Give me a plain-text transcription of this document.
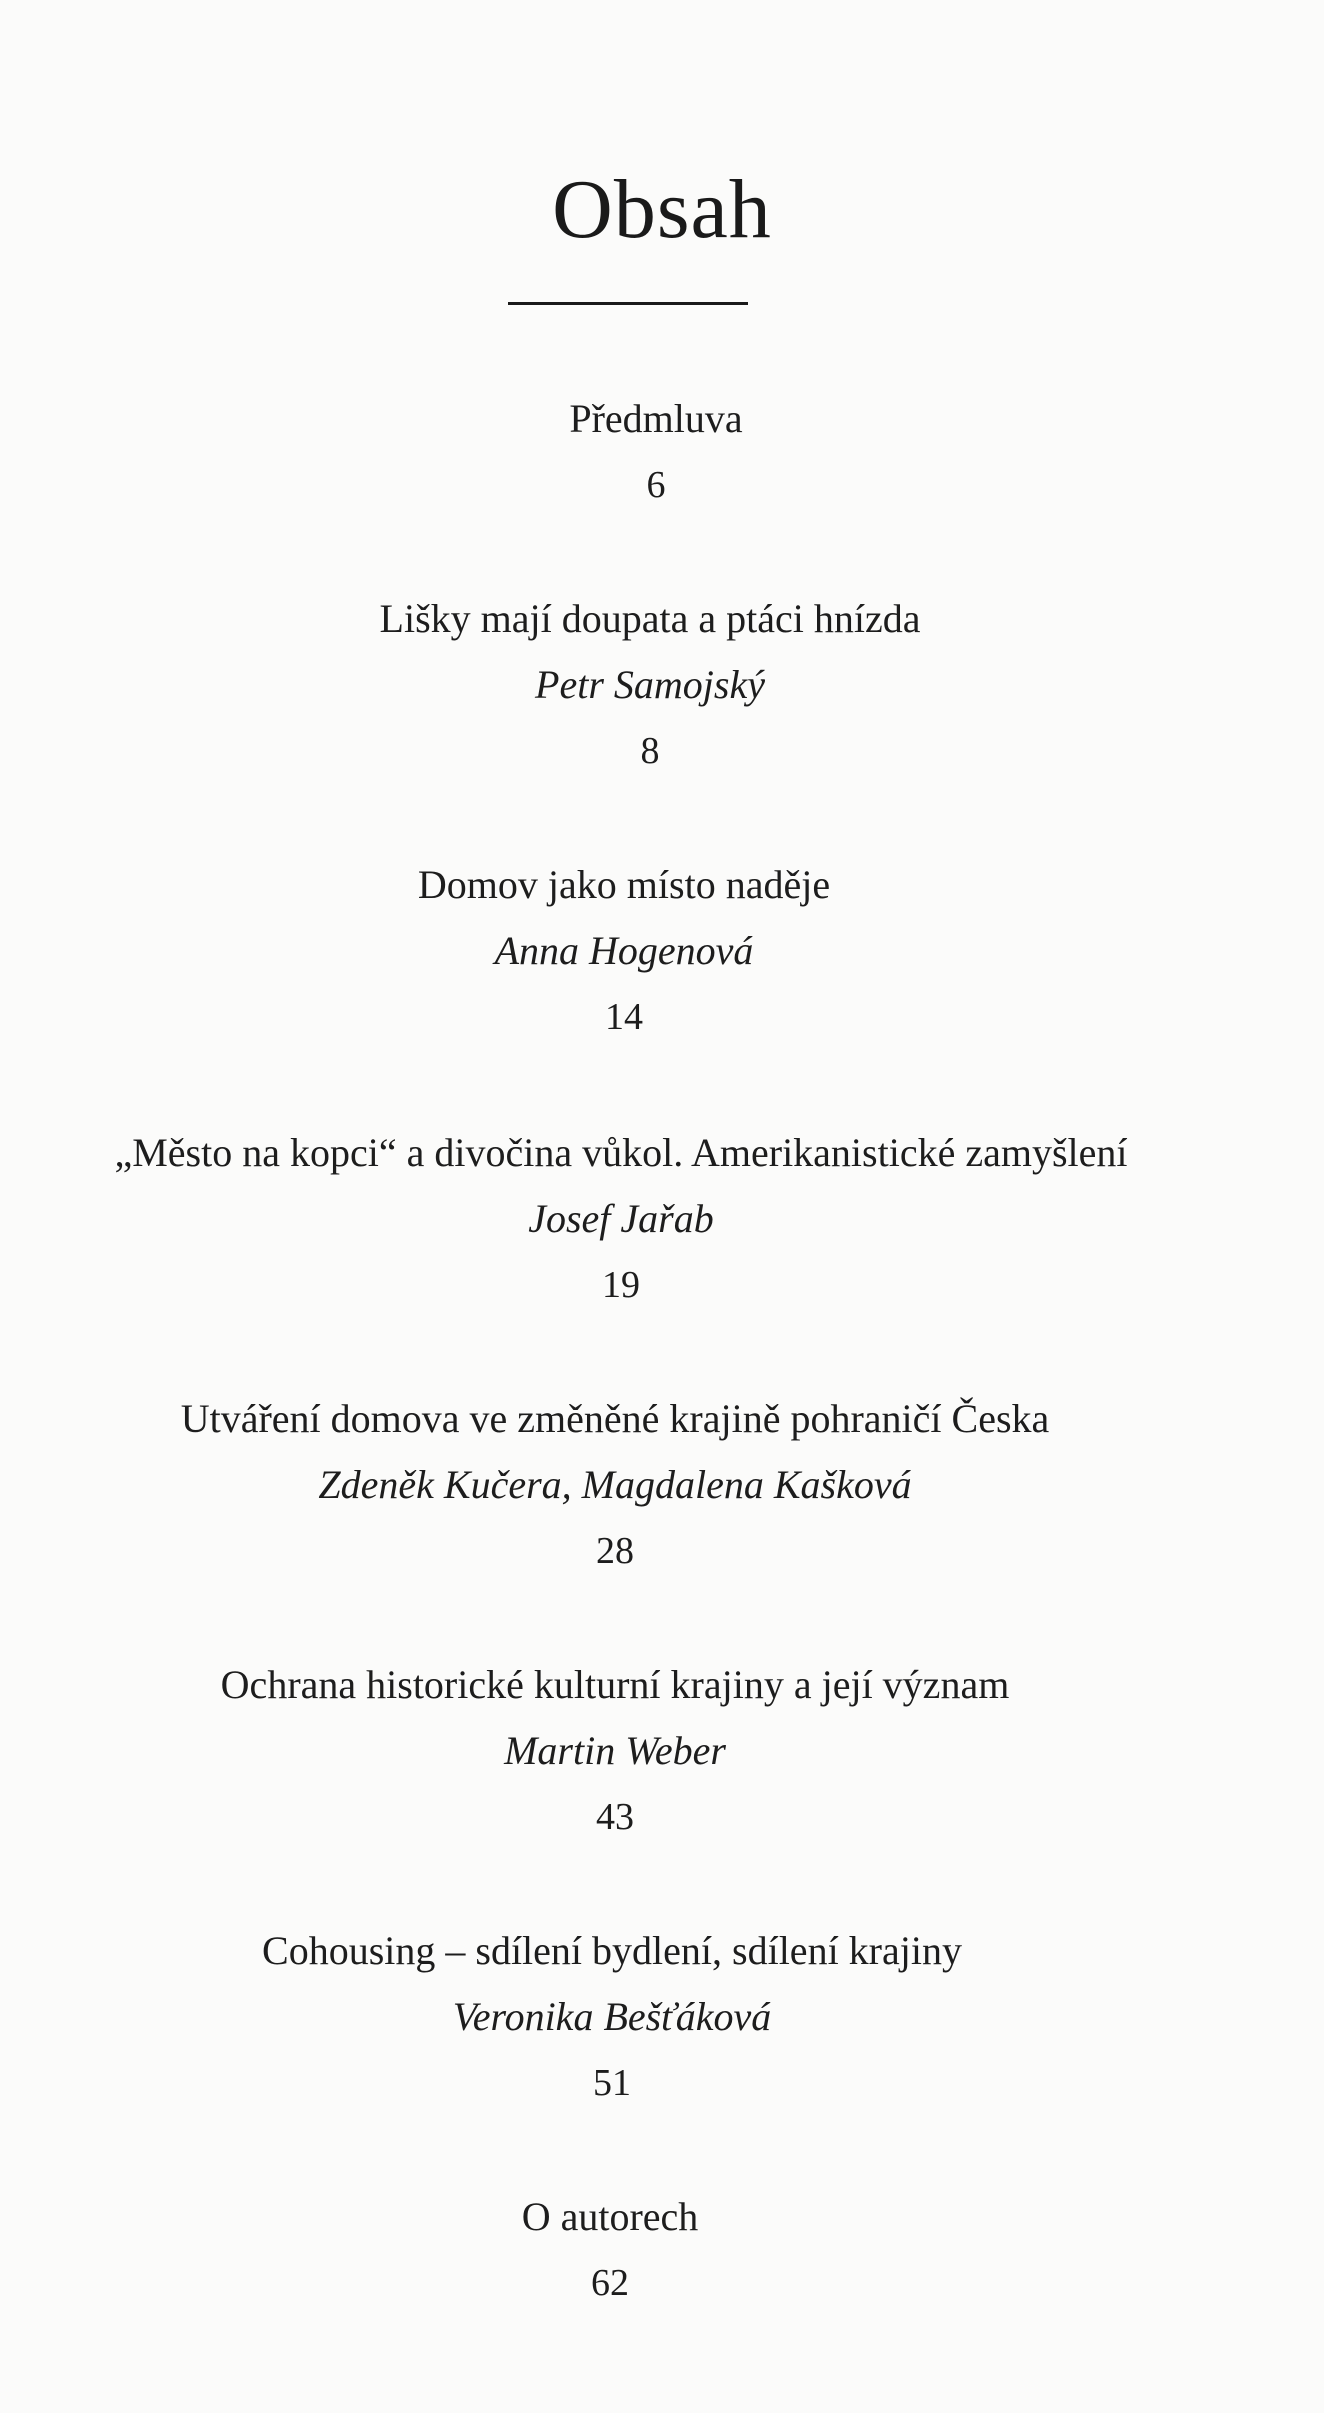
Obsah
Předmluva
6
Lišky mají doupata a ptáci hnízda
Petr Samojský
8
Domov jako místo naděje
Anna Hogenová
14
„Město na kopci“ a divočina vůkol. Amerikanistické zamyšlení
Josef Jařab
19
Utváření domova ve změněné krajině pohraničí Česka
Zdeněk Kučera, Magdalena Kašková
28
Ochrana historické kulturní krajiny a její význam
Martin Weber
43
Cohousing – sdílení bydlení, sdílení krajiny
Veronika Bešťáková
51
O autorech
62
